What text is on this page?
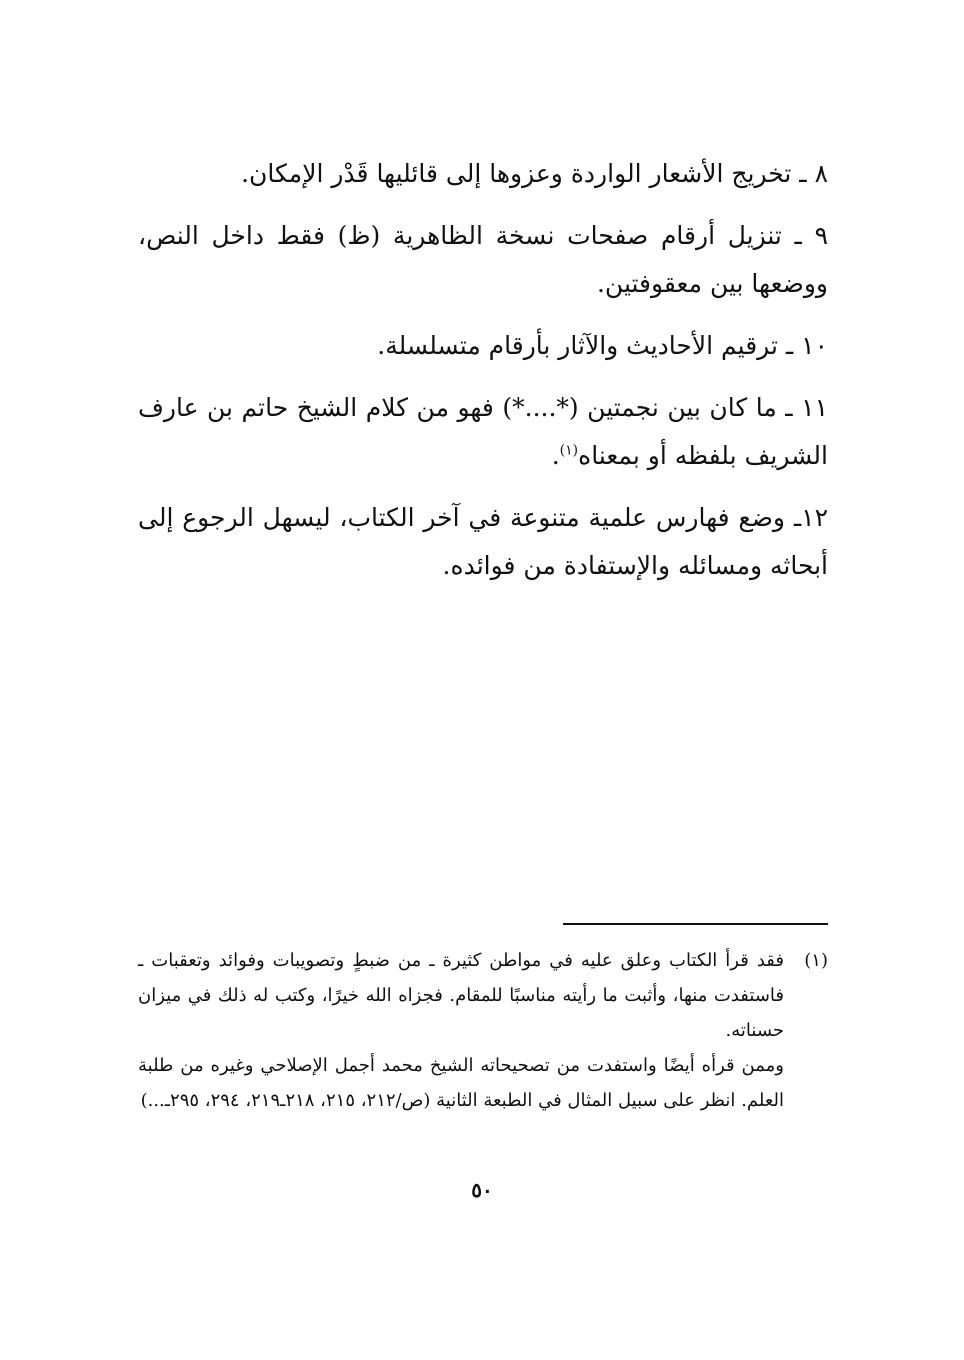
٨ ـ تخريج الأشعار الواردة وعزوها إلى قائليها قَدْر الإمكان.

٩ ـ تنزيل أرقام صفحات نسخة الظاهرية (ظ) فقط داخل النص، ووضعها بين معقوفتين.

١٠ ـ ترقيم الأحاديث والآثار بأرقام متسلسلة.

١١ ـ ما كان بين نجمتين (*....*) فهو من كلام الشيخ حاتم بن عارف الشريف بلفظه أو بمعناه$^{(١)}$.

١٢ـ وضع فهارس علمية متنوعة في آخر الكتاب، ليسهل الرجوع إلى أبحاثه ومسائله والإستفادة من فوائده.

(١)

فقد قرأ الكتاب وعلق عليه في مواطن كثيرة ـ من ضبطٍ وتصويبات وفوائد وتعقبات ـ فاستفدت منها، وأثبت ما رأيته مناسبًا للمقام. فجزاه الله خيرًا، وكتب له ذلك في ميزان حسناته.

وممن قرأه أيضًا واستفدت من تصحيحاته الشيخ محمد أجمل الإصلاحي وغيره من طلبة العلم. انظر على سبيل المثال في الطبعة الثانية (ص/٢١٢، ٢١٥، ٢١٨ـ٢١٩، ٢٩٤، ٢٩٥ـ...)

٥٠
